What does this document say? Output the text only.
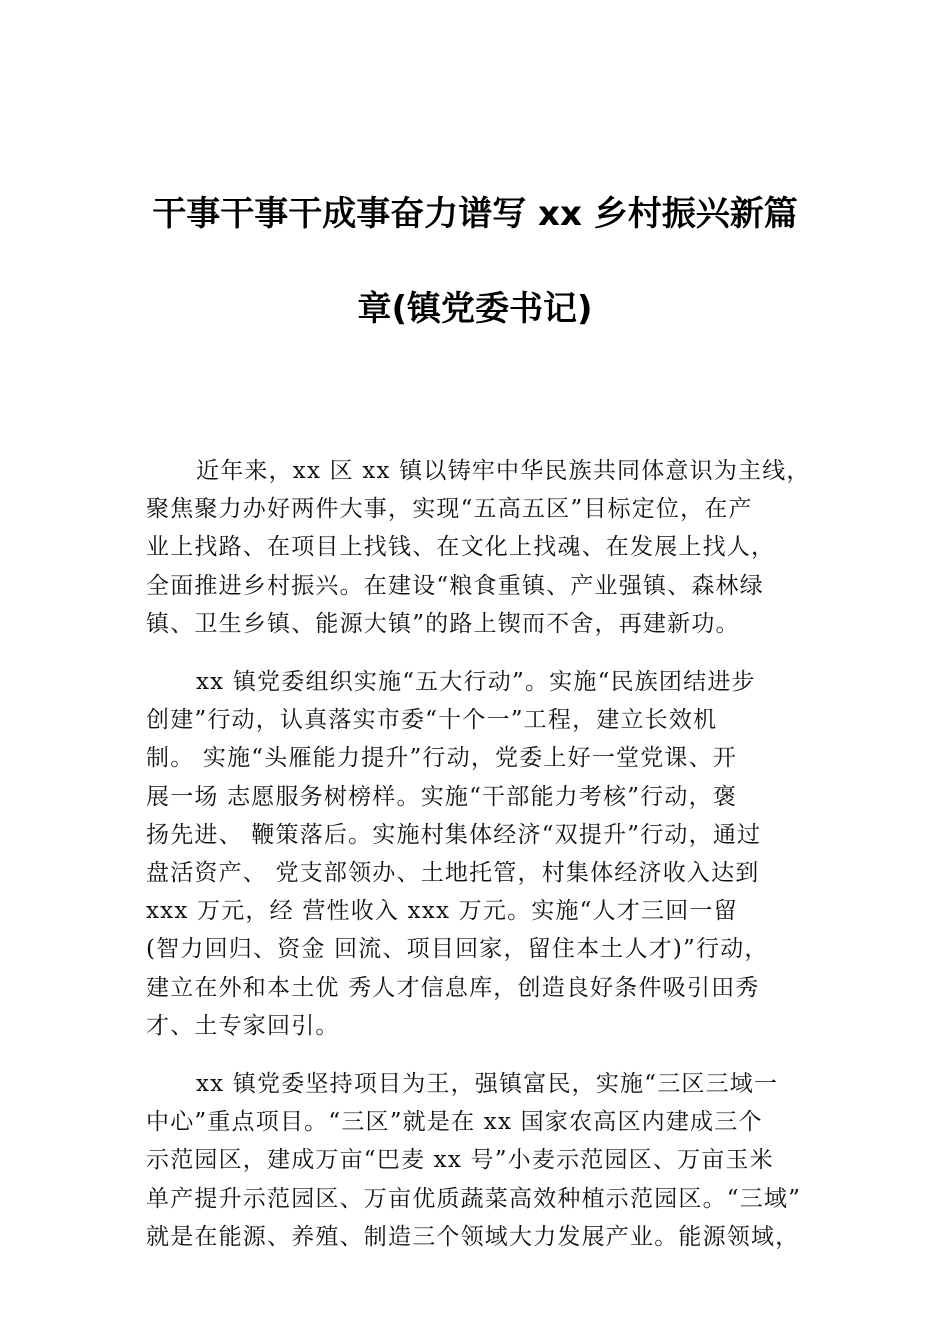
干事干事干成事奋力谱写 xx 乡村振兴新篇
章(镇党委书记)

近年来，xx 区 xx 镇以铸牢中华民族共同体意识为主线，
聚焦聚力办好两件大事，实现“五高五区”目标定位，在产
业上找路、在项目上找钱、在文化上找魂、在发展上找人，
全面推进乡村振兴。在建设“粮食重镇、产业强镇、森林绿
镇、卫生乡镇、能源大镇”的路上锲而不舍，再建新功。

xx 镇党委组织实施“五大行动”。实施“民族团结进步
创建”行动，认真落实市委“十个一”工程，建立长效机
制。 实施“头雁能力提升”行动，党委上好一堂党课、开
展一场 志愿服务树榜样。实施“干部能力考核”行动，褒
扬先进、 鞭策落后。实施村集体经济“双提升”行动，通过
盘活资产、 党支部领办、土地托管，村集体经济收入达到
xxx 万元，经 营性收入 xxx 万元。实施“人才三回一留
(智力回归、资金 回流、项目回家，留住本土人才)”行动，
建立在外和本土优 秀人才信息库，创造良好条件吸引田秀
才、土专家回引。

xx 镇党委坚持项目为王，强镇富民，实施“三区三域一
中心”重点项目。“三区”就是在 xx 国家农高区内建成三个
示范园区，建成万亩“巴麦 xx 号”小麦示范园区、万亩玉米
单产提升示范园区、万亩优质蔬菜高效种植示范园区。“三域”
就是在能源、养殖、制造三个领域大力发展产业。能源领域，
